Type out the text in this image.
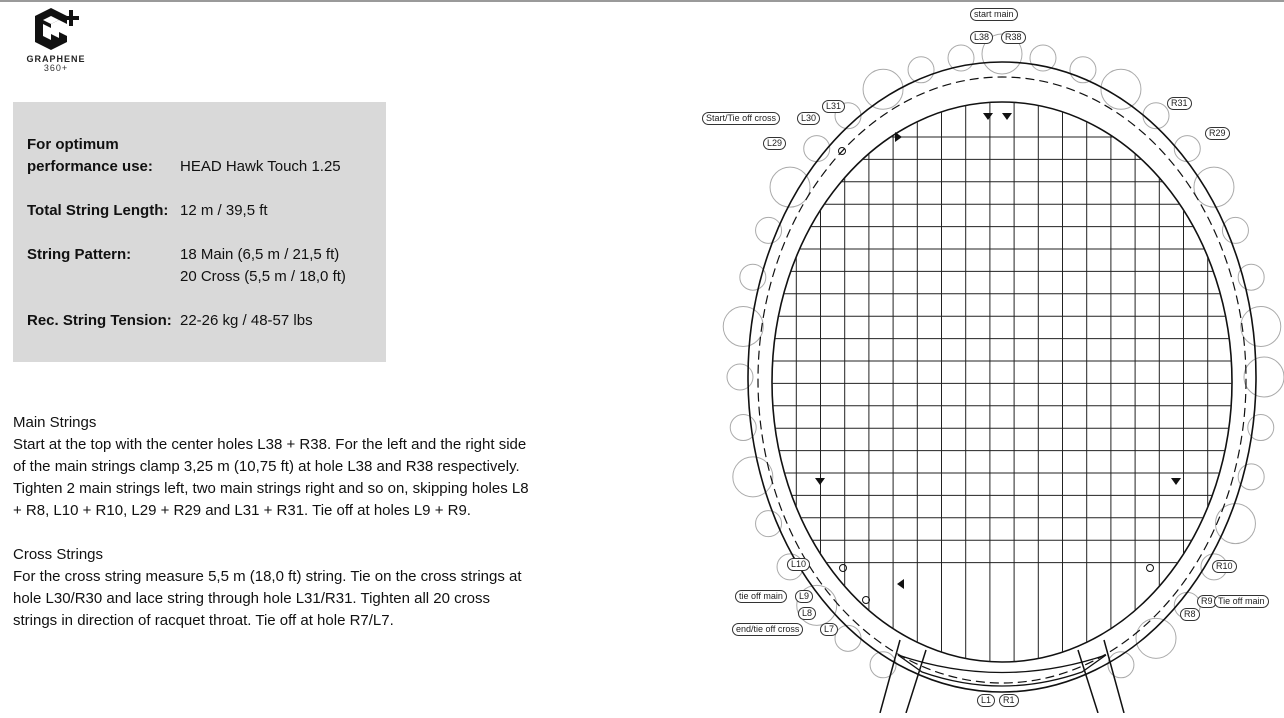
GRAPHENE
360+
For optimum performance use:	HEAD Hawk Touch 1.25
Total String Length: 12 m / 39,5 ft
String Pattern:	18 Main (6,5 m / 21,5 ft)
20 Cross (5,5 m / 18,0 ft)
Rec. String Tension: 22-26 kg / 48-57 lbs
Main Strings

Start at the top with the center holes L38 + R38. For the left and the right side of the main strings clamp 3,25 m (10,75 ft) at hole L38 and R38 respectively. Tighten 2 main strings left, two main strings right and so on, skipping holes L8 + R8, L10 + R10, L29 + R29 and L31 + R31. Tie off at holes L9 + R9.

Cross Strings

For the cross string measure 5,5 m (18,0 ft) string. Tie on the cross strings at hole L30/R30 and lace string through hole L31/R31. Tighten all 20 cross strings in direction of racquet throat. Tie off at hole R7/L7.

start main
L38	R38
L31	R31
Start/Tie off cross	L30
L29
R29
L10	R10
tie off main	L9	R9 Tie off main
L8	R8
end/tie off cross	L7
L1	R1
